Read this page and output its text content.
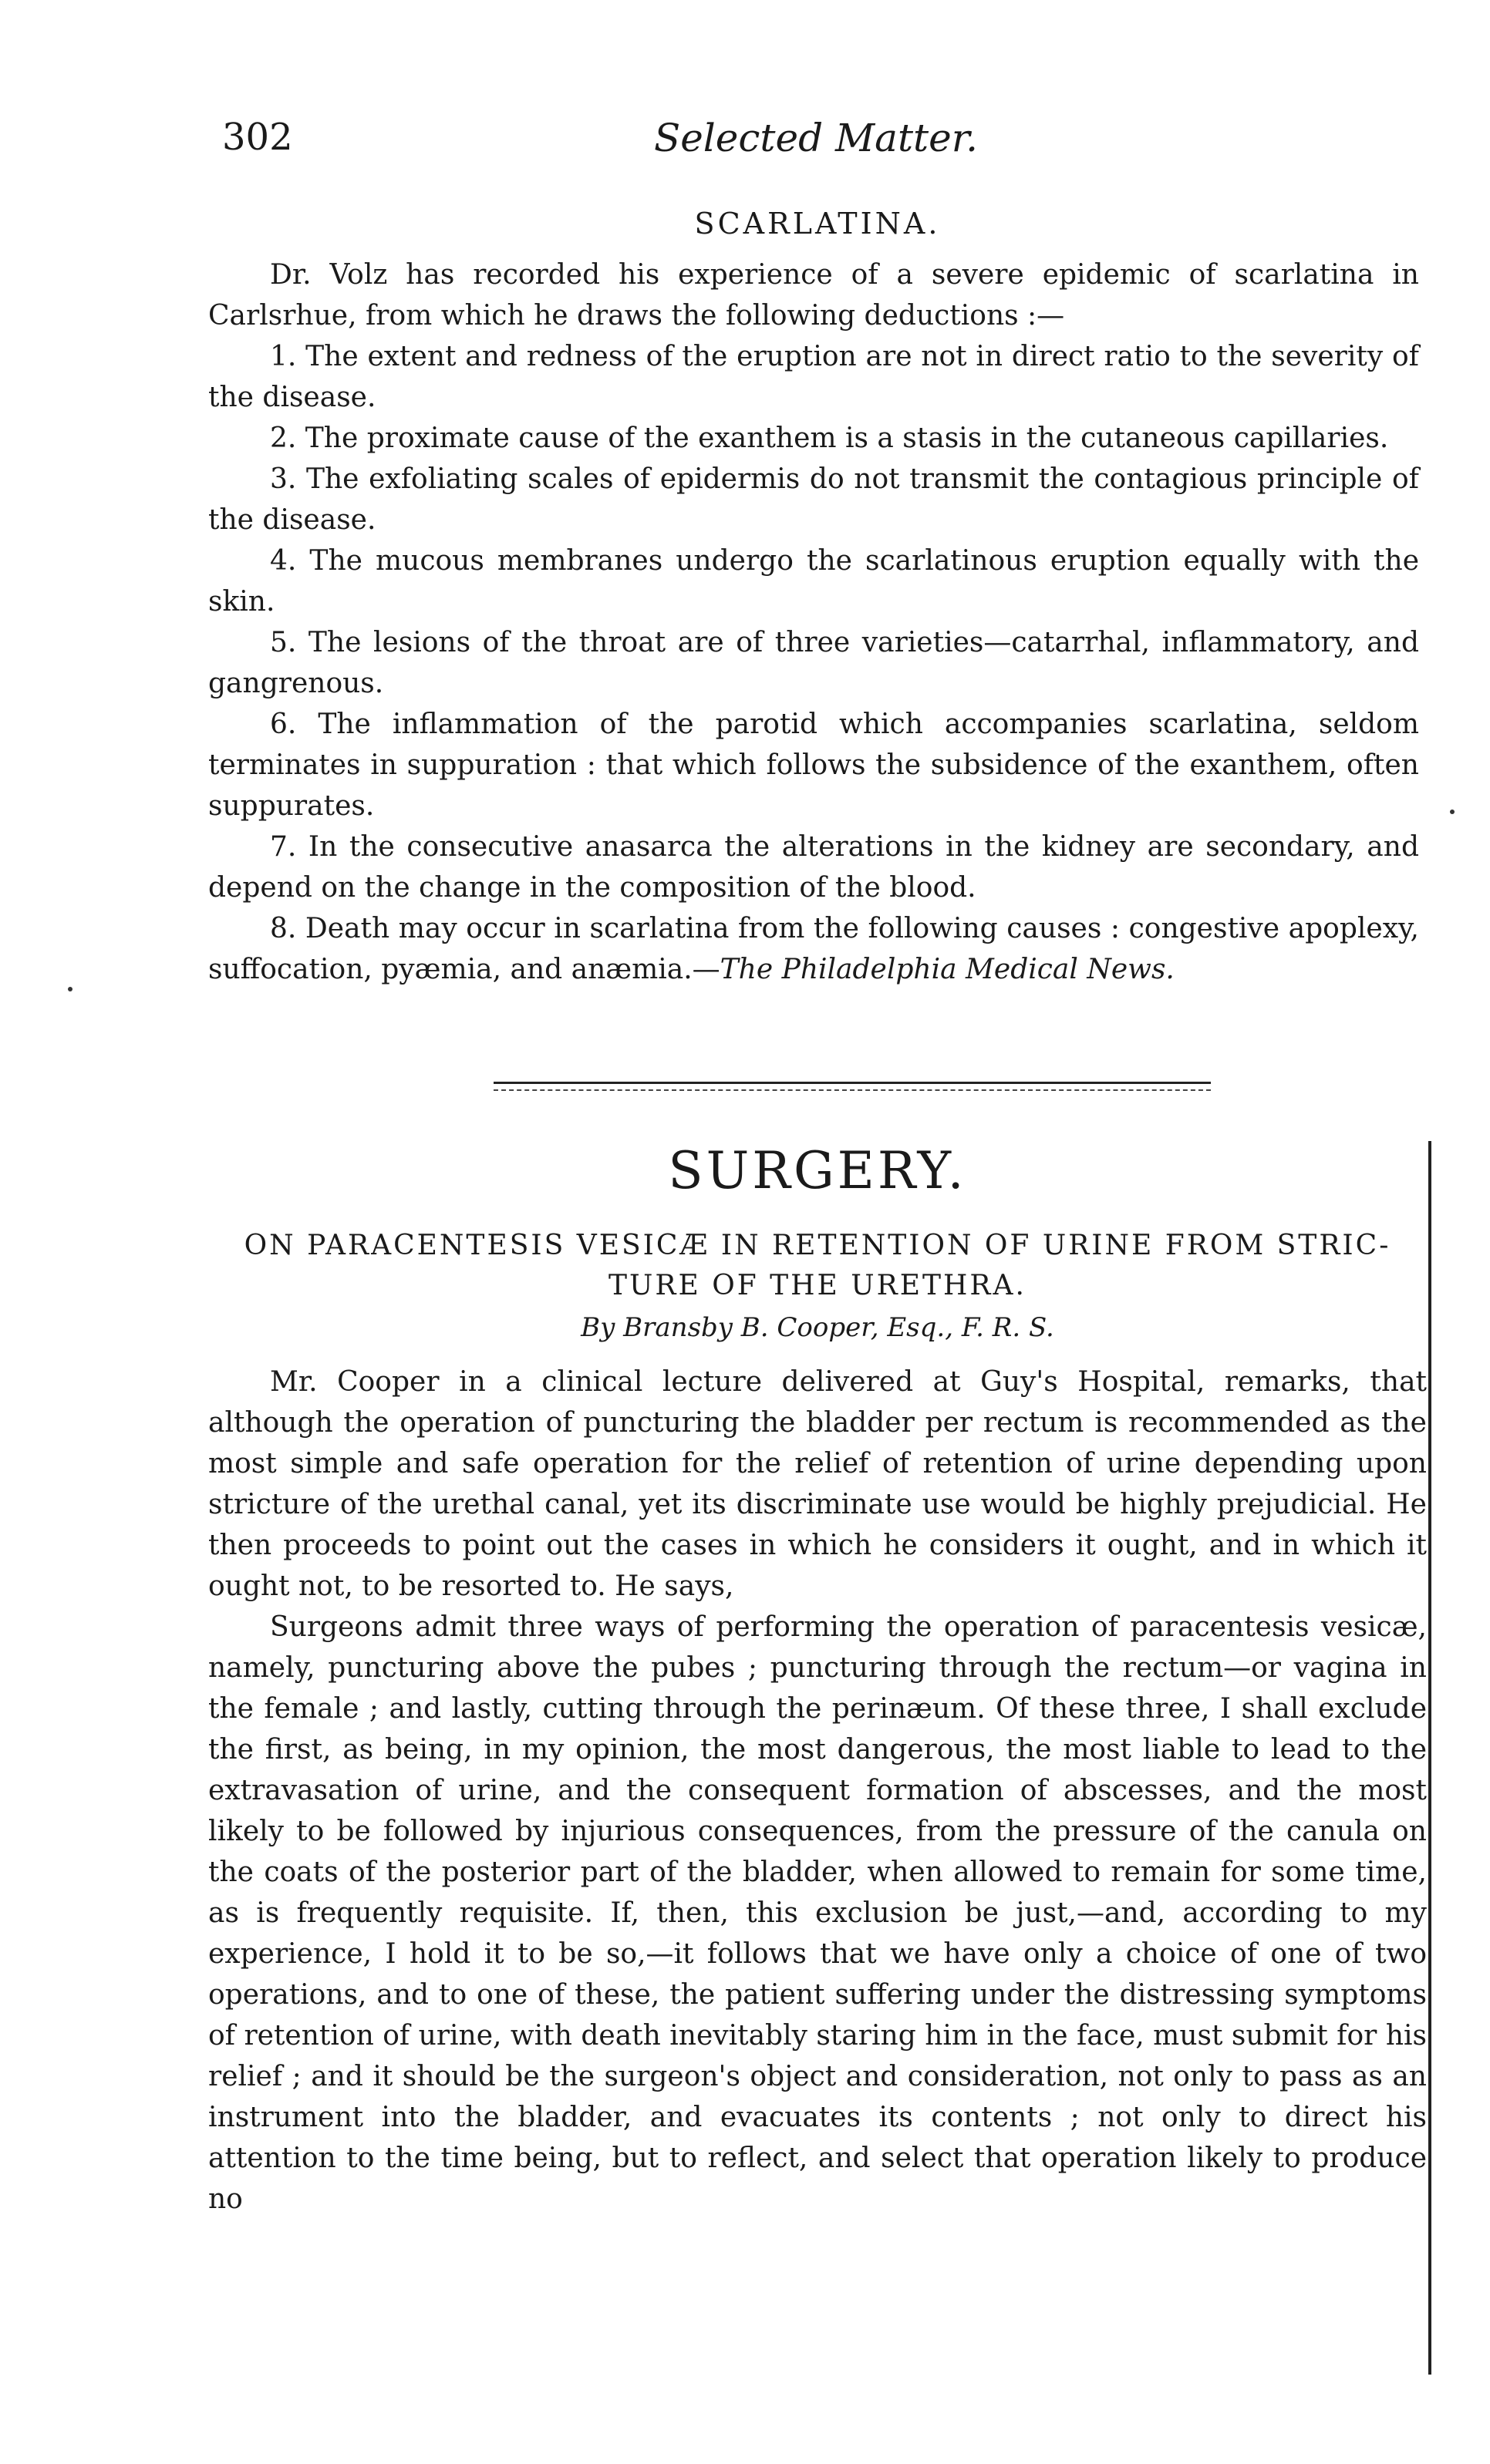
302	Selected Matter.
SCARLATINA.
Dr. Volz has recorded his experience of a severe epidemic of scarlatina in Carlsrhue, from which he draws the following deductions :—
1. The extent and redness of the eruption are not in direct ratio to the severity of the disease.
2. The proximate cause of the exanthem is a stasis in the cutaneous capillaries.
3. The exfoliating scales of epidermis do not transmit the contagious principle of the disease.
4. The mucous membranes undergo the scarlatinous eruption equally with the skin.
5. The lesions of the throat are of three varieties—catarrhal, inflammatory, and gangrenous.
6. The inflammation of the parotid which accompanies scarlatina, seldom terminates in suppuration : that which follows the subsidence of the exanthem, often suppurates.
7. In the consecutive anasarca the alterations in the kidney are secondary, and depend on the change in the composition of the blood.
8. Death may occur in scarlatina from the following causes : congestive apoplexy, suffocation, pyæmia, and anæmia.—The Philadelphia Medical News.
SURGERY.
ON PARACENTESIS VESICÆ IN RETENTION OF URINE FROM STRIC-
TURE OF THE URETHRA.
By Bransby B. Cooper, Esq., F. R. S.
Mr. Cooper in a clinical lecture delivered at Guy's Hospital, remarks, that although the operation of puncturing the bladder per rectum is recommended as the most simple and safe operation for the relief of retention of urine depending upon stricture of the urethal canal, yet its discriminate use would be highly prejudicial. He then proceeds to point out the cases in which he considers it ought, and in which it ought not, to be resorted to. He says,
Surgeons admit three ways of performing the operation of paracentesis vesicæ, namely, puncturing above the pubes ; puncturing through the rectum—or vagina in the female ; and lastly, cutting through the perinæum. Of these three, I shall exclude the first, as being, in my opinion, the most dangerous, the most liable to lead to the extravasation of urine, and the consequent formation of abscesses, and the most likely to be followed by injurious consequences, from the pressure of the canula on the coats of the posterior part of the bladder, when allowed to remain for some time, as is frequently requisite. If, then, this exclusion be just,—and, according to my experience, I hold it to be so,—it follows that we have only a choice of one of two operations, and to one of these, the patient suffering under the distressing symptoms of retention of urine, with death inevitably staring him in the face, must submit for his relief ; and it should be the surgeon's object and consideration, not only to pass as an instrument into the bladder, and evacuates its contents ; not only to direct his attention to the time being, but to reflect, and select that operation likely to produce no
